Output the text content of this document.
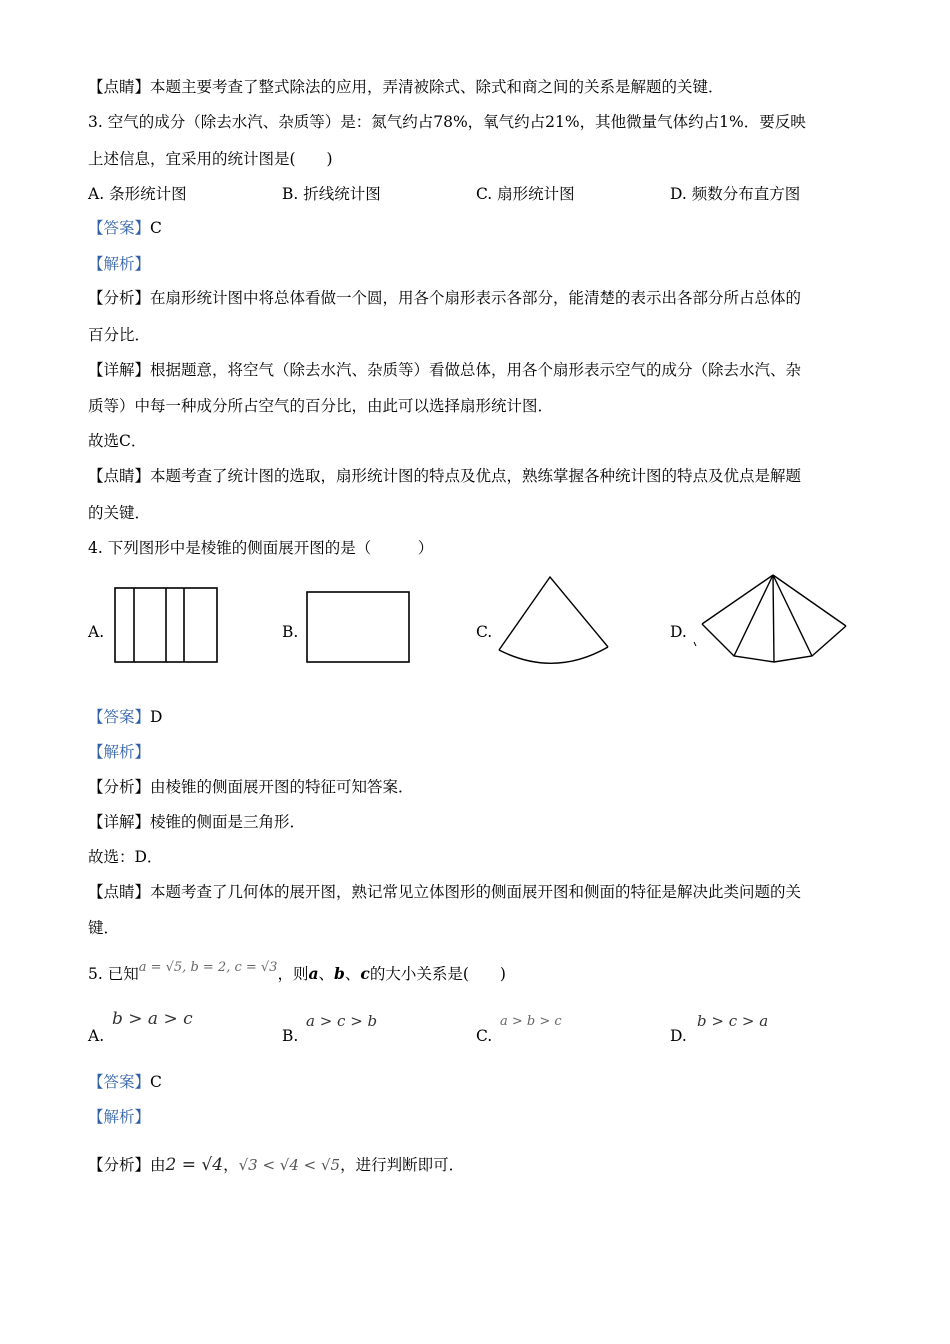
【点睛】本题主要考查了整式除法的应用，弄清被除式、除式和商之间的关系是解题的关键．
3. 空气的成分（除去水汽、杂质等）是：氮气约占78%，氧气约占21%，其他微量气体约占1%．要反映
上述信息，宜采用的统计图是(　　)
A. 条形统计图	B. 折线统计图	C. 扇形统计图	D. 频数分布直方图
【答案】C
【解析】
【分析】在扇形统计图中将总体看做一个圆，用各个扇形表示各部分，能清楚的表示出各部分所占总体的
百分比．
【详解】根据题意，将空气（除去水汽、杂质等）看做总体，用各个扇形表示空气的成分（除去水汽、杂
质等）中每一种成分所占空气的百分比，由此可以选择扇形统计图．
故选C．
【点睛】本题考查了统计图的选取，扇形统计图的特点及优点，熟练掌握各种统计图的特点及优点是解题
的关键．
4. 下列图形中是棱锥的侧面展开图的是（　　　）
A.	B.	C.	D.
【答案】D
【解析】
【分析】由棱锥的侧面展开图的特征可知答案．
【详解】棱锥的侧面是三角形．
故选：D．
【点睛】本题考查了几何体的展开图，熟记常见立体图形的侧面展开图和侧面的特征是解决此类问题的关
键．
5. 已知$^{a = √5, b = 2, c = √3}$，则a、b、c的大小关系是(　　)
A.
b > a > c
B.
a > c > b
C.
a > b > c
D.
b > c > a
【答案】C
【解析】
【分析】由2 = √4，√3 < √4 < √5，进行判断即可．
